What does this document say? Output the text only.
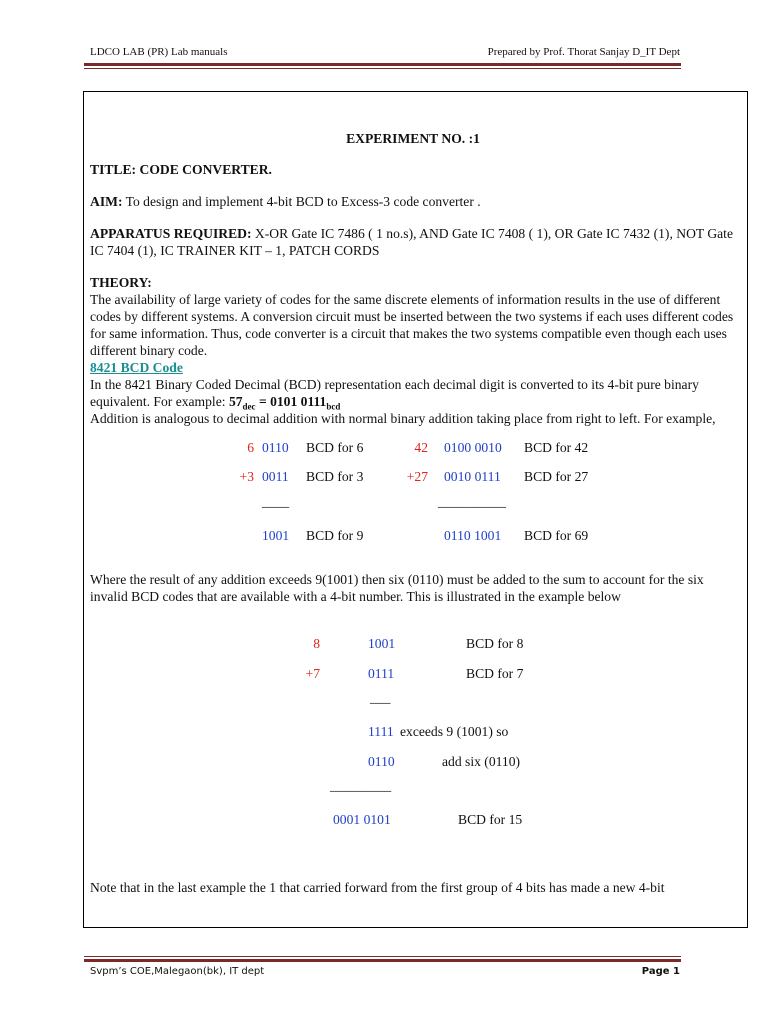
LDCO LAB (PR) Lab manuals	Prepared by Prof. Thorat Sanjay D_IT Dept

EXPERIMENT NO. :1

TITLE: CODE CONVERTER.

AIM: To design and implement 4-bit BCD to Excess-3 code converter .

APPARATUS REQUIRED: X-OR Gate IC 7486 ( 1 no.s), AND Gate IC 7408 ( 1), OR Gate IC 7432 (1), NOT Gate IC 7404 (1), IC TRAINER KIT – 1, PATCH CORDS

THEORY:

The availability of large variety of codes for the same discrete elements of information results in the use of different codes by different systems. A conversion circuit must be inserted between the two systems if each uses different codes for same information. Thus, code converter is a circuit that makes the two systems compatible even though each uses different binary code.

8421 BCD Code

In the 8421 Binary Coded Decimal (BCD) representation each decimal digit is converted to its 4-bit pure binary equivalent. For example: $57_{dec} = 0101$ $0111_{bcd}$

Addition is analogous to decimal addition with normal binary addition taking place from right to left. For example,

6 0110 BCD for 6	42 0100 0010 BCD for 42
+3 0011 BCD for 3	+27 0010 0111 BCD for 27
____	__________
1001 BCD for 9	0110 1001 BCD for 69

Where the result of any addition exceeds 9(1001) then six (0110) must be added to the sum to account for the six invalid BCD codes that are available with a 4-bit number. This is illustrated in the example below

8	1001	BCD for 8
+7	0111	BCD for 7
___
1111 exceeds 9 (1001) so
0110	add six (0110)
_________
0001 0101	BCD for 15

Note that in the last example the 1 that carried forward from the first group of 4 bits has made a new 4-bit

Svpm’s COE,Malegaon(bk), IT dept	Page 1
